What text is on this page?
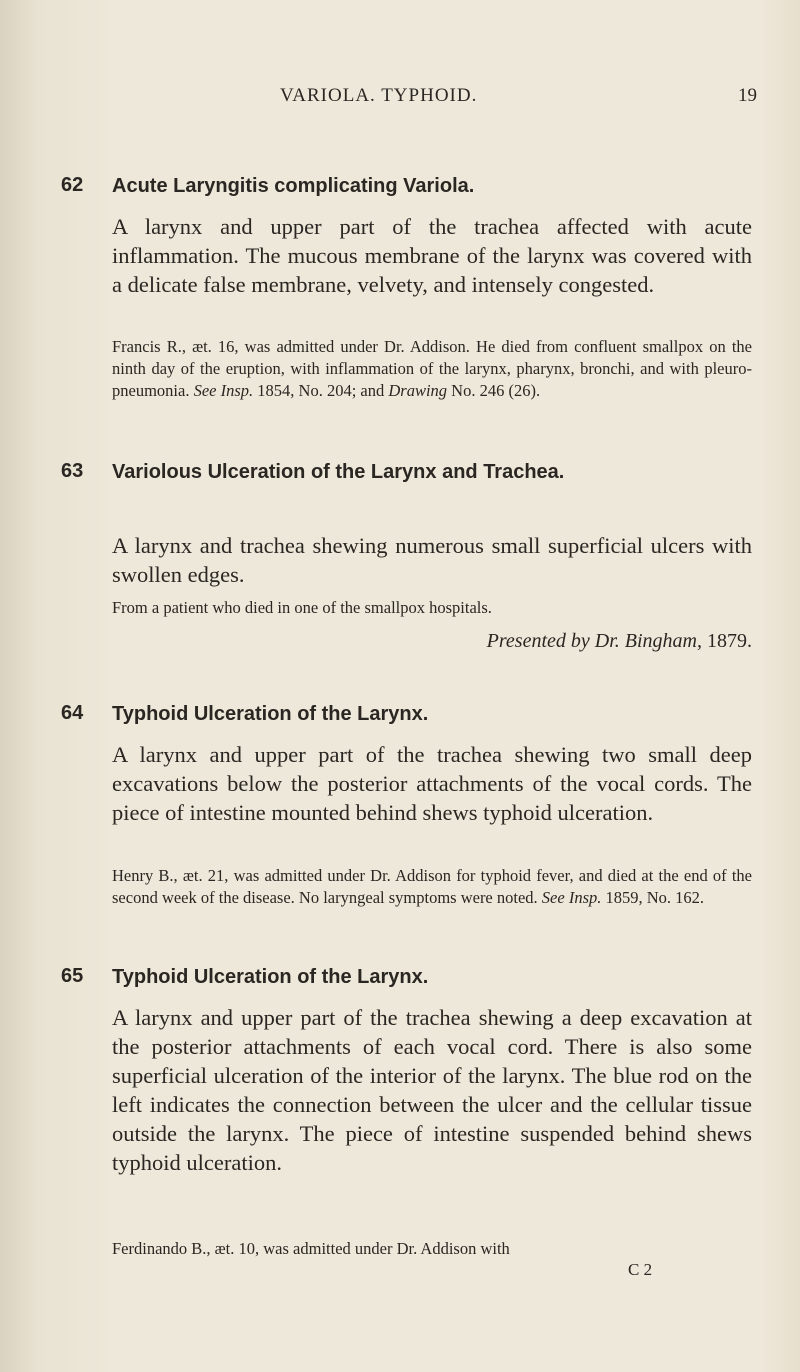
VARIOLA. TYPHOID.	19
62 Acute Laryngitis complicating Variola.
A larynx and upper part of the trachea affected with acute inflammation. The mucous membrane of the larynx was covered with a delicate false membrane, velvety, and intensely congested.
Francis R., æt. 16, was admitted under Dr. Addison. He died from confluent smallpox on the ninth day of the eruption, with inflammation of the larynx, pharynx, bronchi, and with pleuro-pneumonia. See Insp. 1854, No. 204; and Drawing No. 246 (26).
63 Variolous Ulceration of the Larynx and Trachea.
A larynx and trachea shewing numerous small superficial ulcers with swollen edges.
From a patient who died in one of the smallpox hospitals.
Presented by Dr. Bingham, 1879.
64 Typhoid Ulceration of the Larynx.
A larynx and upper part of the trachea shewing two small deep excavations below the posterior attachments of the vocal cords. The piece of intestine mounted behind shews typhoid ulceration.
Henry B., æt. 21, was admitted under Dr. Addison for typhoid fever, and died at the end of the second week of the disease. No laryngeal symptoms were noted. See Insp. 1859, No. 162.
65 Typhoid Ulceration of the Larynx.
A larynx and upper part of the trachea shewing a deep excavation at the posterior attachments of each vocal cord. There is also some superficial ulceration of the interior of the larynx. The blue rod on the left indicates the connection between the ulcer and the cellular tissue outside the larynx. The piece of intestine suspended behind shews typhoid ulceration.
Ferdinando B., æt. 10, was admitted under Dr. Addison with
C 2
